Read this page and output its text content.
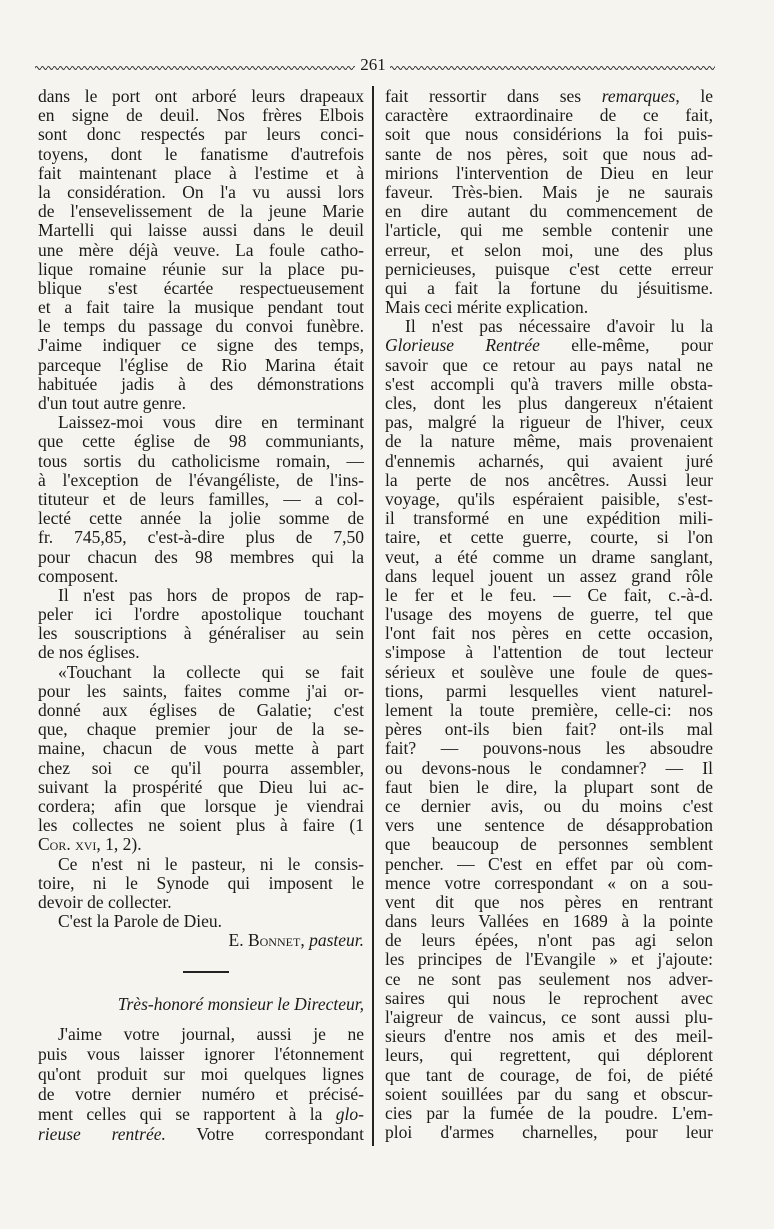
261
dans le port ont arboré leurs drapeaux
en signe de deuil. Nos frères Elbois
sont donc respectés par leurs conci-
toyens, dont le fanatisme d'autrefois
fait maintenant place à l'estime et à
la considération. On l'a vu aussi lors
de l'ensevelissement de la jeune Marie
Martelli qui laisse aussi dans le deuil
une mère déjà veuve. La foule catho-
lique romaine réunie sur la place pu-
blique s'est écartée respectueusement
et a fait taire la musique pendant tout
le temps du passage du convoi funèbre.
J'aime indiquer ce signe des temps,
parceque l'église de Rio Marina était
habituée jadis à des démonstrations
d'un tout autre genre.
Laissez-moi vous dire en terminant
que cette église de 98 communiants,
tous sortis du catholicisme romain, —
à l'exception de l'évangéliste, de l'ins-
tituteur et de leurs familles, — a col-
lecté cette année la jolie somme de
fr. 745,85, c'est-à-dire plus de 7,50
pour chacun des 98 membres qui la
composent.
Il n'est pas hors de propos de rap-
peler ici l'ordre apostolique touchant
les souscriptions à généraliser au sein
de nos églises.
«Touchant la collecte qui se fait
pour les saints, faites comme j'ai or-
donné aux églises de Galatie; c'est
que, chaque premier jour de la se-
maine, chacun de vous mette à part
chez soi ce qu'il pourra assembler,
suivant la prospérité que Dieu lui ac-
cordera; afin que lorsque je viendrai
les collectes ne soient plus à faire (1
Cor. xvi, 1, 2).
Ce n'est ni le pasteur, ni le consis-
toire, ni le Synode qui imposent le
devoir de collecter.
C'est la Parole de Dieu.
E. Bonnet, pasteur.
Très-honoré monsieur le Directeur,
J'aime votre journal, aussi je ne
puis vous laisser ignorer l'étonnement
qu'ont produit sur moi quelques lignes
de votre dernier numéro et précisé-
ment celles qui se rapportent à la glo-
rieuse rentrée. Votre correspondant
fait ressortir dans ses remarques, le
caractère extraordinaire de ce fait,
soit que nous considérions la foi puis-
sante de nos pères, soit que nous ad-
mirions l'intervention de Dieu en leur
faveur. Très-bien. Mais je ne saurais
en dire autant du commencement de
l'article, qui me semble contenir une
erreur, et selon moi, une des plus
pernicieuses, puisque c'est cette erreur
qui a fait la fortune du jésuitisme.
Mais ceci mérite explication.
Il n'est pas nécessaire d'avoir lu la
Glorieuse Rentrée elle-même, pour
savoir que ce retour au pays natal ne
s'est accompli qu'à travers mille obsta-
cles, dont les plus dangereux n'étaient
pas, malgré la rigueur de l'hiver, ceux
de la nature même, mais provenaient
d'ennemis acharnés, qui avaient juré
la perte de nos ancêtres. Aussi leur
voyage, qu'ils espéraient paisible, s'est-
il transformé en une expédition mili-
taire, et cette guerre, courte, si l'on
veut, a été comme un drame sanglant,
dans lequel jouent un assez grand rôle
le fer et le feu. — Ce fait, c.-à-d.
l'usage des moyens de guerre, tel que
l'ont fait nos pères en cette occasion,
s'impose à l'attention de tout lecteur
sérieux et soulève une foule de ques-
tions, parmi lesquelles vient naturel-
lement la toute première, celle-ci: nos
pères ont-ils bien fait? ont-ils mal
fait? — pouvons-nous les absoudre
ou devons-nous le condamner? — Il
faut bien le dire, la plupart sont de
ce dernier avis, ou du moins c'est
vers une sentence de désapprobation
que beaucoup de personnes semblent
pencher. — C'est en effet par où com-
mence votre correspondant « on a sou-
vent dit que nos pères en rentrant
dans leurs Vallées en 1689 à la pointe
de leurs épées, n'ont pas agi selon
les principes de l'Evangile » et j'ajoute:
ce ne sont pas seulement nos adver-
saires qui nous le reprochent avec
l'aigreur de vaincus, ce sont aussi plu-
sieurs d'entre nos amis et des meil-
leurs, qui regrettent, qui déplorent
que tant de courage, de foi, de piété
soient souillées par du sang et obscur-
cies par la fumée de la poudre. L'em-
ploi d'armes charnelles, pour leur
